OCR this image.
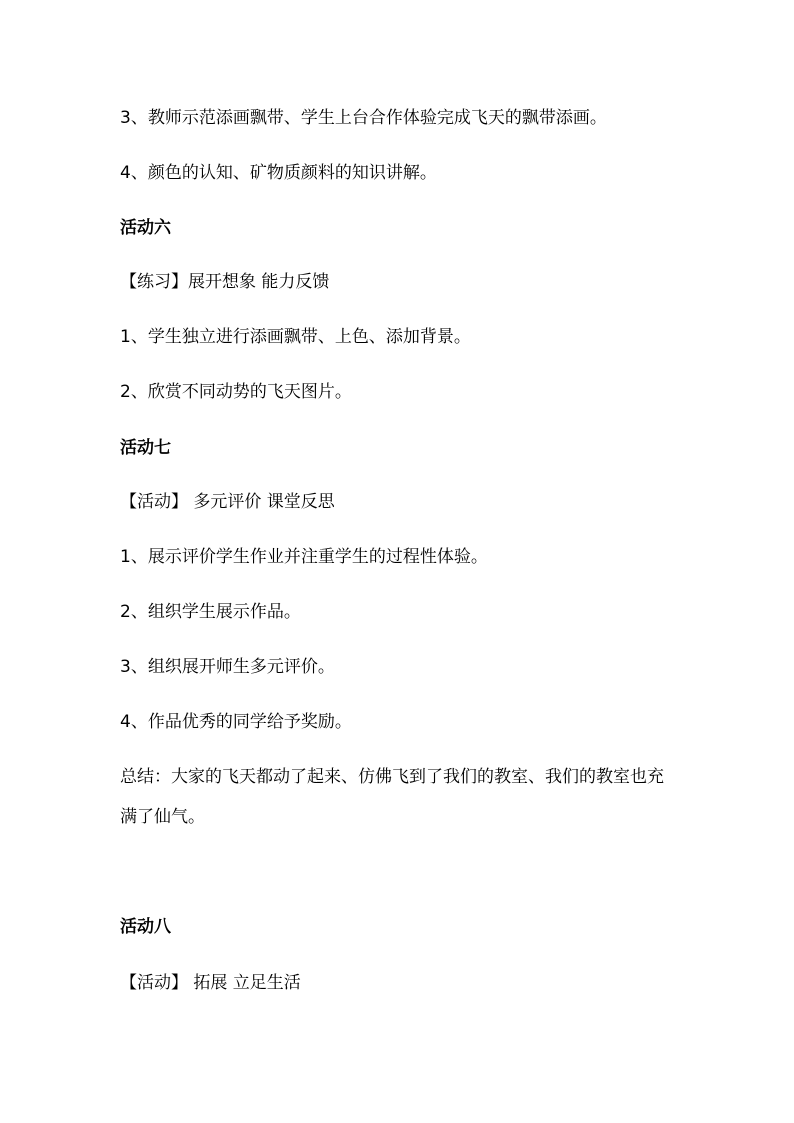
3、教师示范添画飘带、学生上台合作体验完成飞天的飘带添画。
4、颜色的认知、矿物质颜料的知识讲解。
活动六
【练习】展开想象 能力反馈
1、学生独立进行添画飘带、上色、添加背景。
2、欣赏不同动势的飞天图片。
活动七
【活动】 多元评价 课堂反思
1、展示评价学生作业并注重学生的过程性体验。
2、组织学生展示作品。
3、组织展开师生多元评价。
4、作品优秀的同学给予奖励。
总结：大家的飞天都动了起来、仿佛飞到了我们的教室、我们的教室也充满了仙气。
活动八
【活动】 拓展 立足生活
